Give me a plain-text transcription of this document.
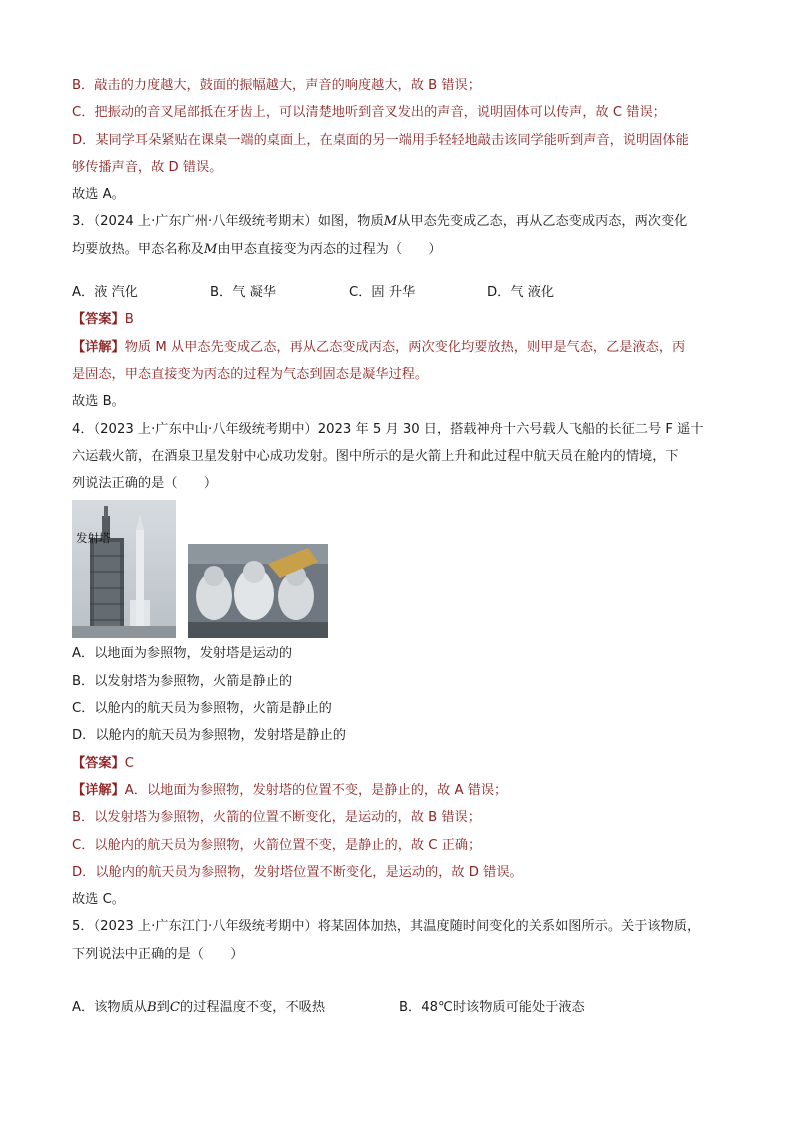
B．敲击的力度越大，鼓面的振幅越大，声音的响度越大，故 B 错误；
C．把振动的音叉尾部抵在牙齿上，可以清楚地听到音叉发出的声音，说明固体可以传声，故 C 错误；
D．某同学耳朵紧贴在课桌一端的桌面上，在桌面的另一端用手轻轻地敲击该同学能听到声音，说明固体能
够传播声音，故 D 错误。
故选 A。
3．（2024 上·广东广州·八年级统考期末）如图，物质M从甲态先变成乙态，再从乙态变成丙态，两次变化
均要放热。甲态名称及M由甲态直接变为丙态的过程为（　　）
A．液 汽化	B．气 凝华	C．固 升华	D．气 液化
【答案】B
【详解】物质 M 从甲态先变成乙态，再从乙态变成丙态，两次变化均要放热，则甲是气态，乙是液态，丙
是固态，甲态直接变为丙态的过程为气态到固态是凝华过程。
故选 B。
4．（2023 上·广东中山·八年级统考期中）2023 年 5 月 30 日，搭载神舟十六号载人飞船的长征二号 F 遥十
六运载火箭，在酒泉卫星发射中心成功发射。图中所示的是火箭上升和此过程中航天员在舱内的情境，下
列说法正确的是（　　）
发射塔
A．以地面为参照物，发射塔是运动的
B．以发射塔为参照物，火箭是静止的
C．以舱内的航天员为参照物，火箭是静止的
D．以舱内的航天员为参照物，发射塔是静止的
【答案】C
【详解】A．以地面为参照物，发射塔的位置不变，是静止的，故 A 错误；
B．以发射塔为参照物，火箭的位置不断变化，是运动的，故 B 错误；
C．以舱内的航天员为参照物，火箭位置不变，是静止的，故 C 正确；
D．以舱内的航天员为参照物，发射塔位置不断变化，是运动的，故 D 错误。
故选 C。
5．（2023 上·广东江门·八年级统考期中）将某固体加热，其温度随时间变化的关系如图所示。关于该物质，
下列说法中正确的是（　　）
A．该物质从B到C的过程温度不变，不吸热	B．48℃时该物质可能处于液态
